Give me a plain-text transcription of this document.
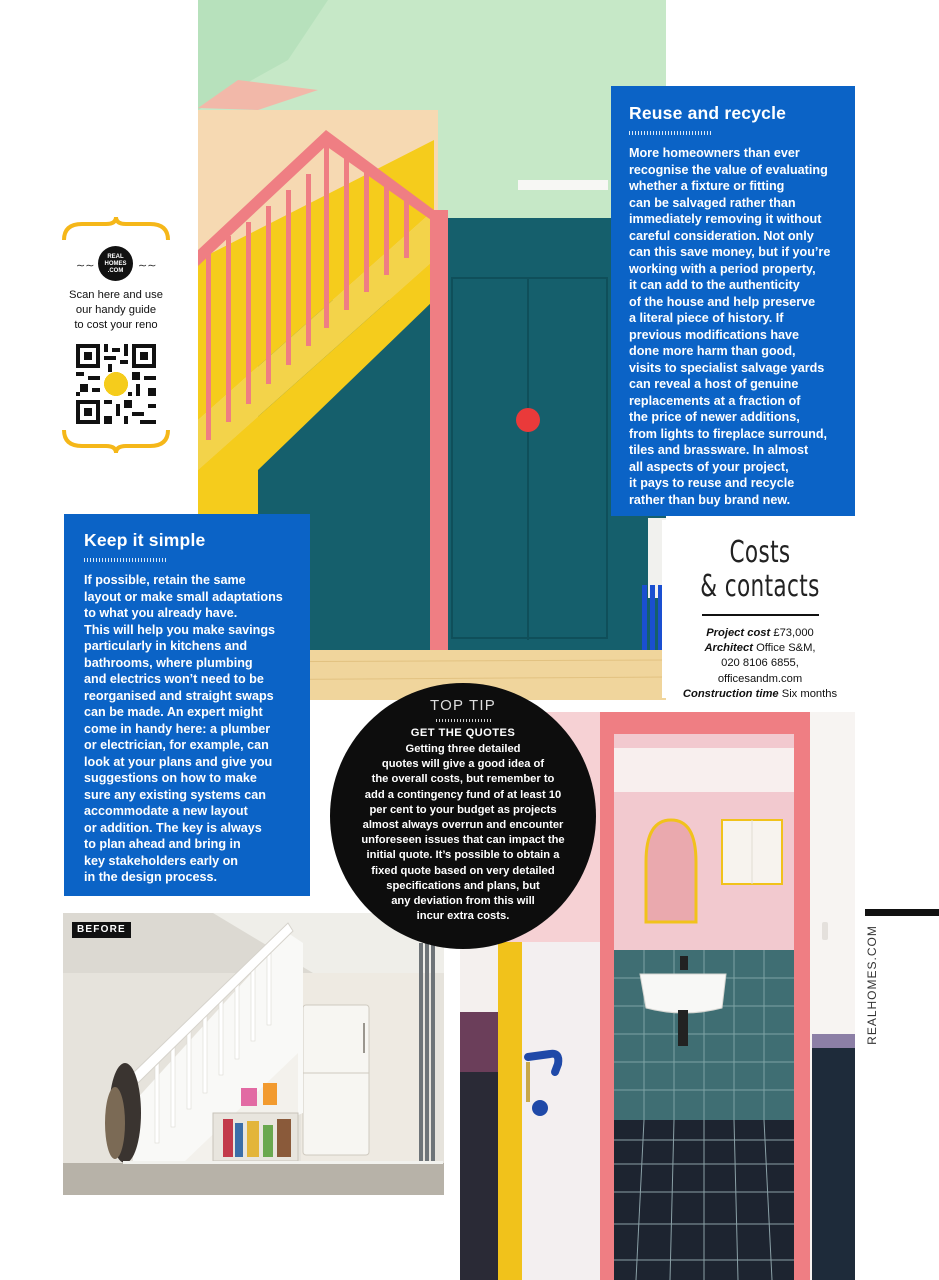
Reuse and recycle

More homeowners than ever
recognise the value of evaluating
whether a fixture or fitting
can be salvaged rather than
immediately removing it without
careful consideration. Not only
can this save money, but if you’re
working with a period property,
it can add to the authenticity
of the house and help preserve
a literal piece of history. If
previous modifications have
done more harm than good,
visits to specialist salvage yards
can reveal a host of genuine
replacements at a fraction of
the price of newer additions,
from lights to fireplace surround,
tiles and brassware. In almost
all aspects of your project,
it pays to reuse and recycle
rather than buy brand new.

∼∼
REAL HOMES .COM	∼∼
Scan here and use
our handy guide
to cost your reno
Keep it simple

If possible, retain the same
layout or make small adaptations
to what you already have.
This will help you make savings
particularly in kitchens and
bathrooms, where plumbing
and electrics won’t need to be
reorganised and straight swaps
can be made. An expert might
come in handy here: a plumber
or electrician, for example, can
look at your plans and give you
suggestions on how to make
sure any existing systems can
accommodate a new layout
or addition. The key is always
to plan ahead and bring in
key stakeholders early on
in the design process.

Costs
& contacts
Project cost £73,000
Architect Office S&M,
020 8106 6855,
officesandm.com
Construction time Six months
BEFORE
TOP TIP
GET THE QUOTES
Getting three detailed
quotes will give a good idea of
the overall costs, but remember to
add a contingency fund of at least 10
per cent to your budget as projects
almost always overrun and encounter
unforeseen issues that can impact the
initial quote. It’s possible to obtain a
fixed quote based on very detailed
specifications and plans, but
any deviation from this will
incur extra costs.
REALHOMES.COM
